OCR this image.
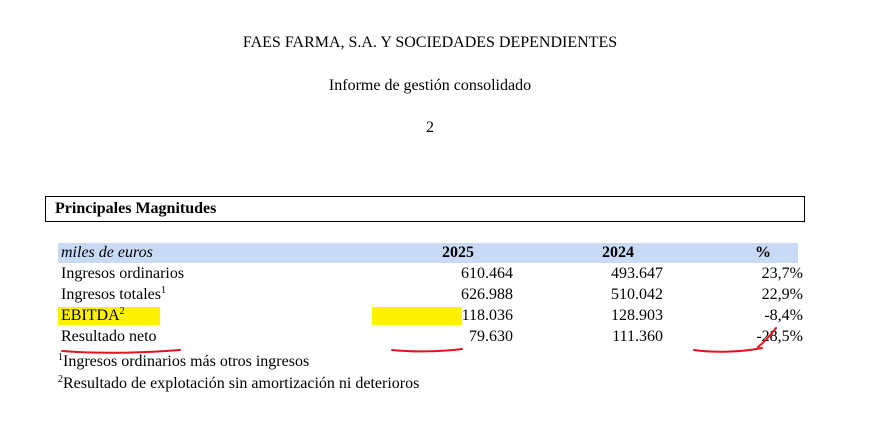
FAES FARMA, S.A. Y SOCIEDADES DEPENDIENTES
Informe de gestión consolidado
2
Principales Magnitudes
miles de euros	2025	2024	%
Ingresos ordinarios	610.464	493.647	23,7%
Ingresos totales$^1$	626.988	510.042	22,9%
EBITDA$^2$	118.036	128.903	-8,4%
Resultado neto	79.630	111.360	-28,5%
$^1$Ingresos ordinarios más otros ingresos
$^2$Resultado de explotación sin amortización ni deterioros
